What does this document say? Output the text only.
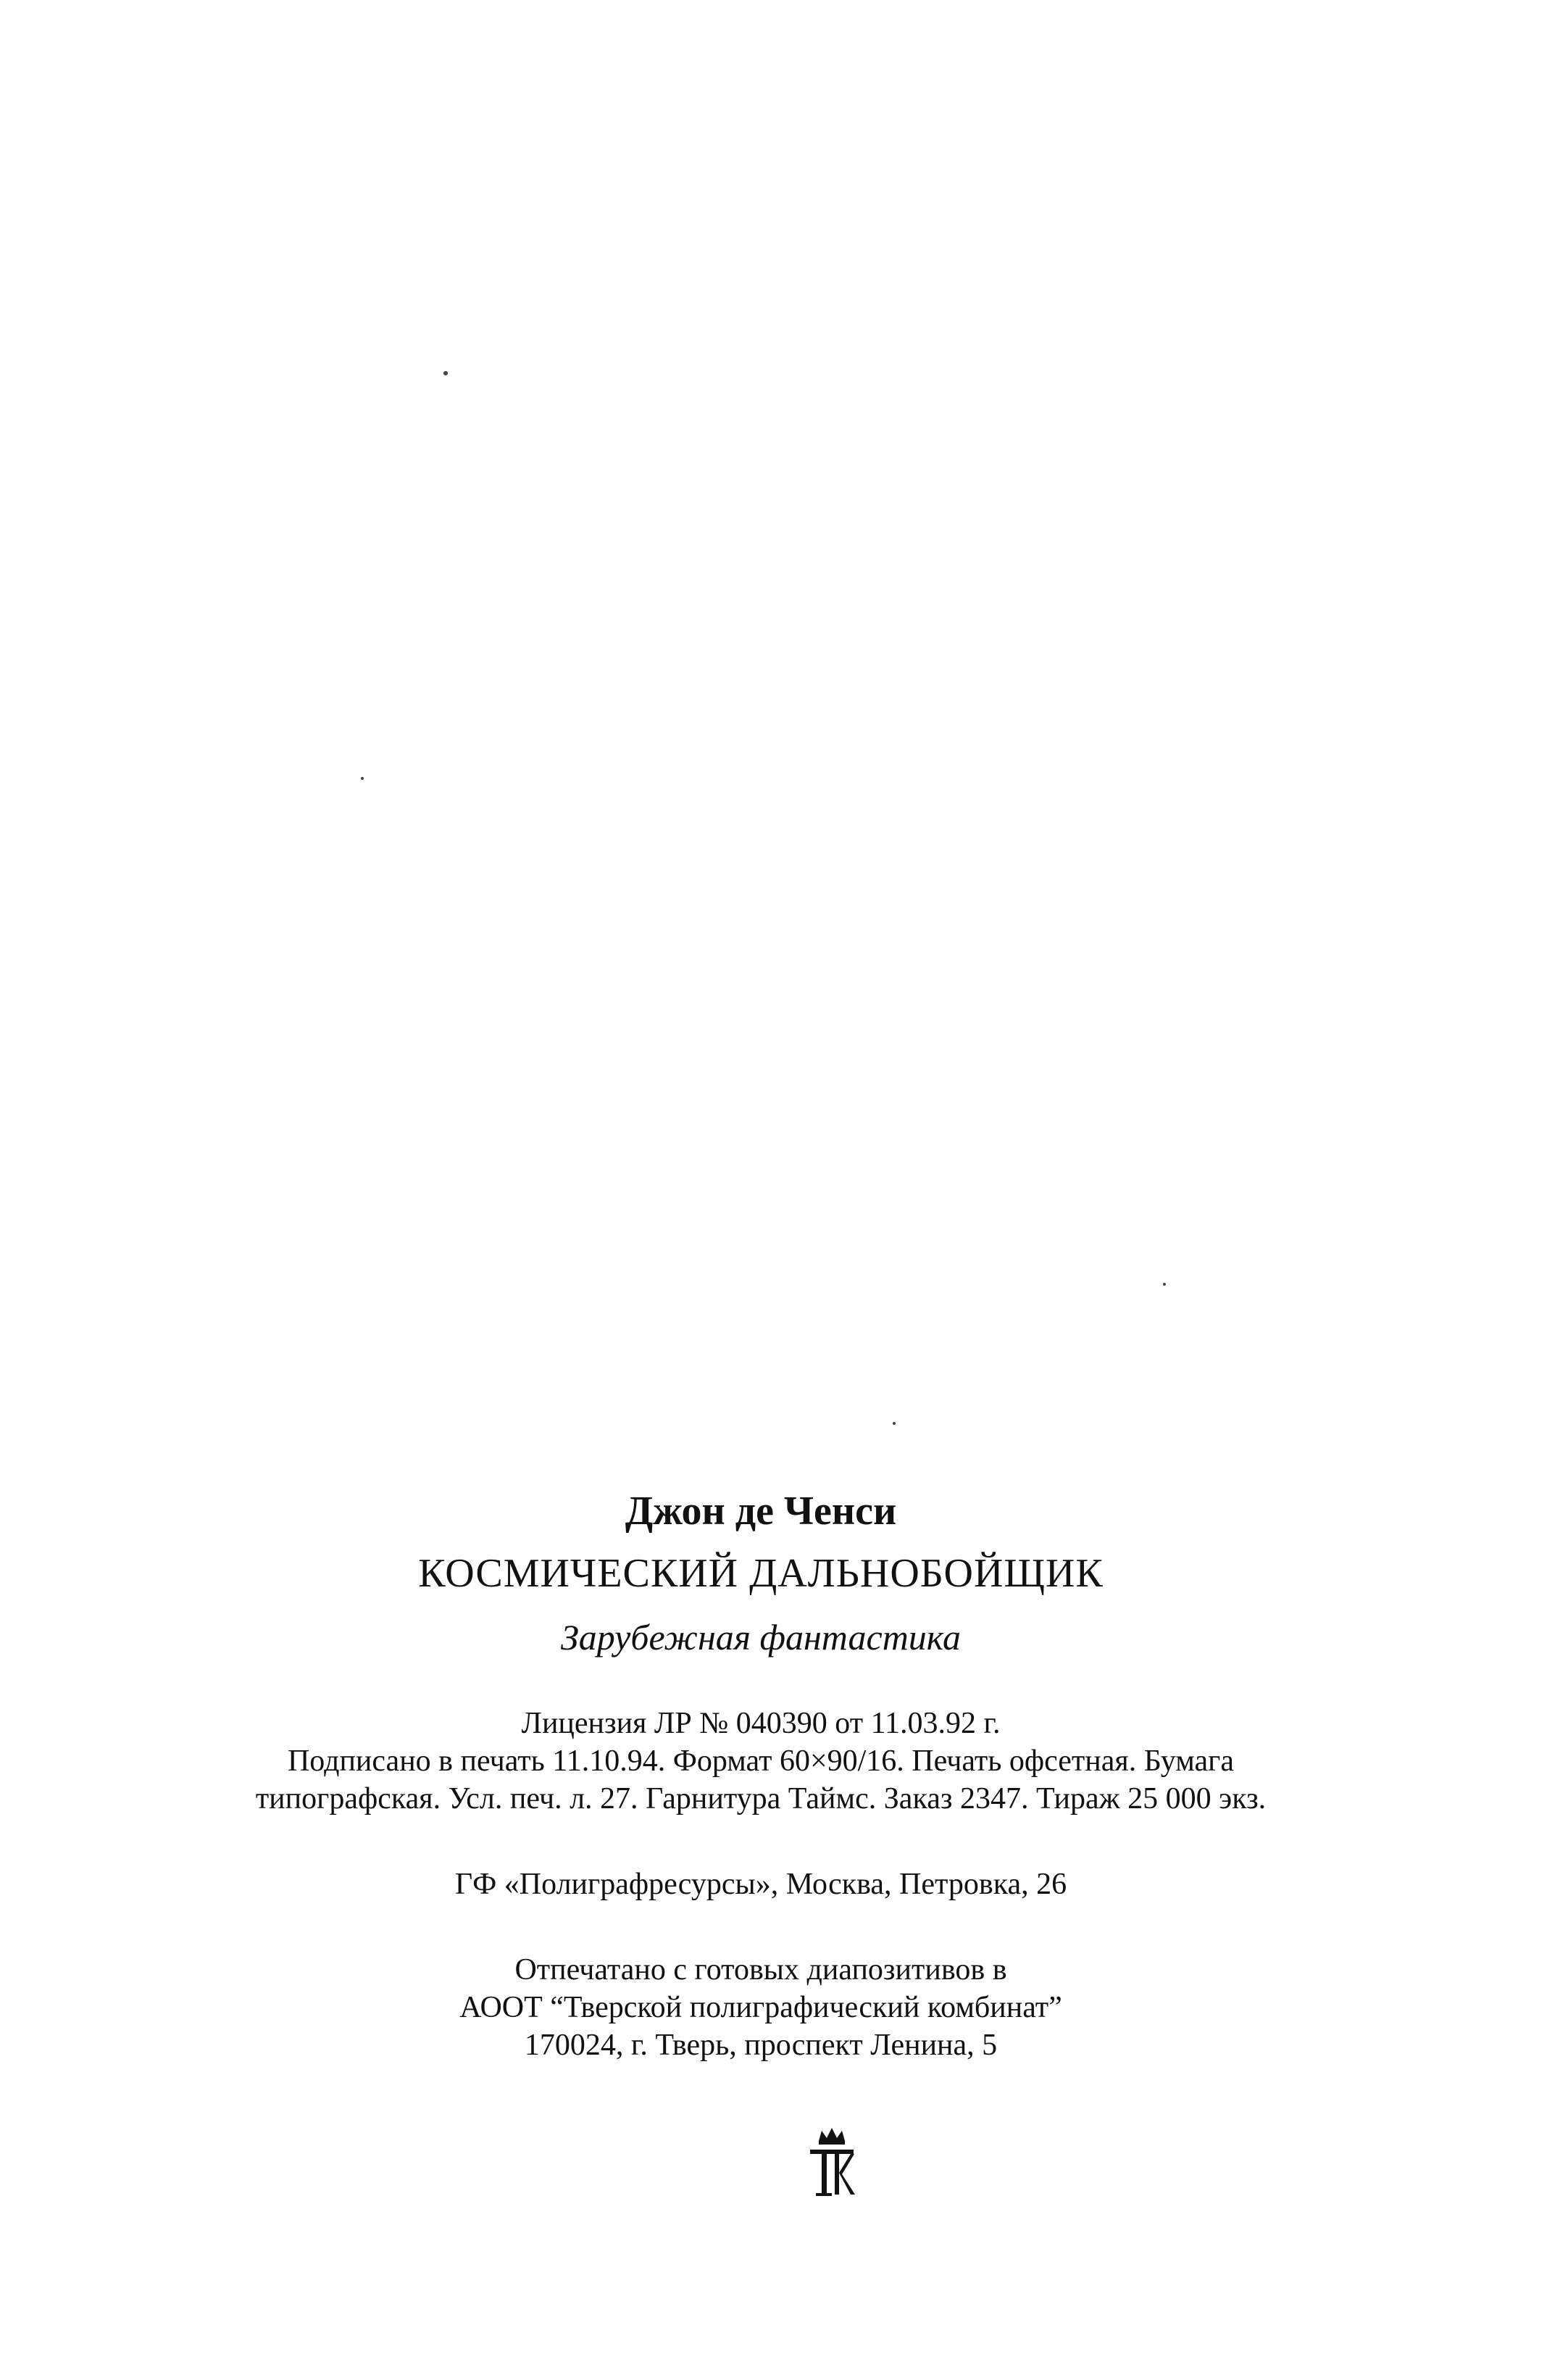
Джон де Ченси
КОСМИЧЕСКИЙ ДАЛЬНОБОЙЩИК
Зарубежная фантастика
Лицензия ЛР № 040390 от 11.03.92 г.
Подписано в печать 11.10.94. Формат 60×90/16. Печать офсетная. Бумага
типографская. Усл. печ. л. 27. Гарнитура Таймс. Заказ 2347. Тираж 25 000 экз.
ГФ «Полиграфресурсы», Москва, Петровка, 26
Отпечатано с готовых диапозитивов в
АООТ “Тверской полиграфический комбинат”
170024, г. Тверь, проспект Ленина, 5
